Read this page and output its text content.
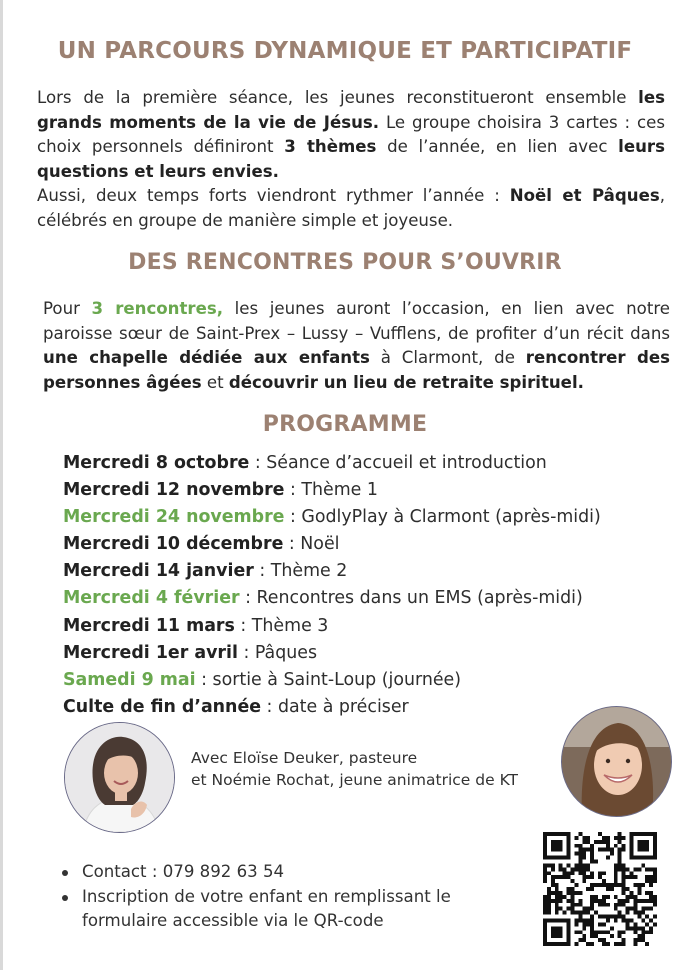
UN PARCOURS DYNAMIQUE ET PARTICIPATIF
Lors de la première séance, les jeunes reconstitueront ensemble les grands moments de la vie de Jésus. Le groupe choisira 3 cartes : ces choix personnels définiront 3 thèmes de l’année, en lien avec leurs questions et leurs envies.
Aussi, deux temps forts viendront rythmer l’année : Noël et Pâques, célébrés en groupe de manière simple et joyeuse.
DES RENCONTRES POUR S’OUVRIR
Pour 3 rencontres, les jeunes auront l’occasion, en lien avec notre paroisse sœur de Saint-Prex – Lussy – Vufflens, de profiter d’un récit dans une chapelle dédiée aux enfants à Clarmont, de rencontrer des personnes âgées et découvrir un lieu de retraite spirituel.
PROGRAMME
Mercredi 8 octobre : Séance d’accueil et introduction
Mercredi 12 novembre : Thème 1
Mercredi 24 novembre : GodlyPlay à Clarmont (après-midi)
Mercredi 10 décembre : Noël
Mercredi 14 janvier : Thème 2
Mercredi 4 février : Rencontres dans un EMS (après-midi)
Mercredi 11 mars : Thème 3
Mercredi 1er avril : Pâques
Samedi 9 mai : sortie à Saint-Loup (journée)
Culte de fin d’année : date à préciser
Avec Eloïse Deuker, pasteure
et Noémie Rochat, jeune animatrice de KT
Contact : 079 892 63 54
Inscription de votre enfant en remplissant le formulaire accessible via le QR-code
